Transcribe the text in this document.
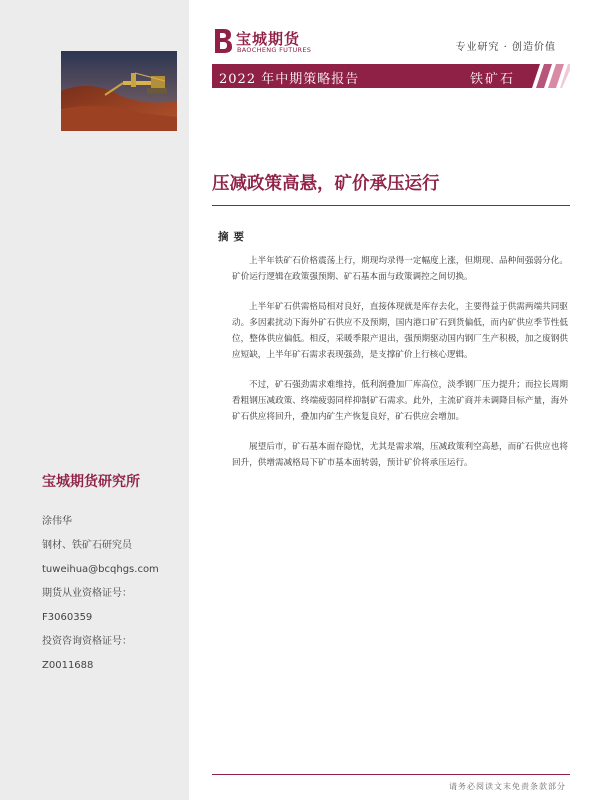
宝城期货研究所
涂伟华
钢材、铁矿石研究员
tuweihua@bcqhgs.com
期货从业资格证号：
F3060359
投资咨询资格证号：
Z0011688
宝城期货
BAOCHENG FUTURES	专业研究 · 创造价值
2022 年中期策略报告	铁矿石
压减政策高悬，矿价承压运行
摘要

上半年铁矿石价格震荡上行，期现均录得一定幅度上涨，但期现、品种间强弱分化。矿价运行逻辑在政策强预期、矿石基本面与政策调控之间切换。

上半年矿石供需格局相对良好，直接体现就是库存去化，主要得益于供需两端共同驱动。多因素扰动下海外矿石供应不及预期，国内港口矿石到货偏低，而内矿供应季节性低位，整体供应偏低。相反，采暖季限产退出，强预期驱动国内钢厂生产积极，加之废钢供应短缺，上半年矿石需求表现强劲，是支撑矿价上行核心逻辑。

不过，矿石强劲需求难维持，低利润叠加厂库高位，淡季钢厂压力提升；而拉长周期看粗钢压减政策、终端疲弱同样抑制矿石需求。此外，主流矿商并未调降目标产量，海外矿石供应将回升，叠加内矿生产恢复良好，矿石供应会增加。

展望后市，矿石基本面存隐忧，尤其是需求端，压减政策利空高悬，而矿石供应也将回升，供增需减格局下矿市基本面转弱，预计矿价将承压运行。

请务必阅读文末免责条款部分
